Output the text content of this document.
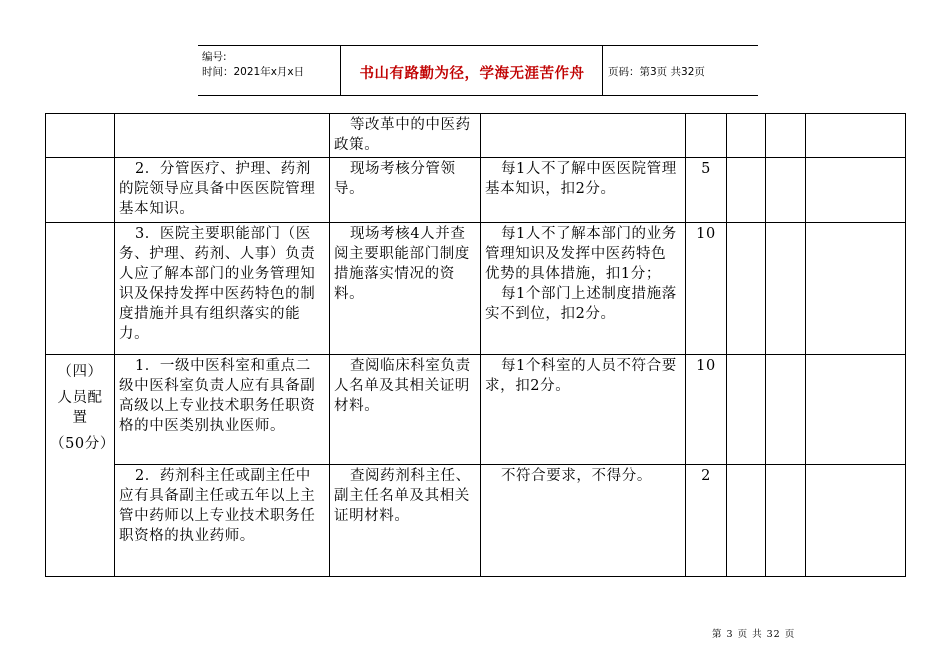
编号:
时间：2021年x月x日	书山有路勤为径，学海无涯苦作舟	页码：第3页 共32页
		等改革中的中医药政策。					
	2．分管医疗、护理、药剂的院领导应具备中医医院管理基本知识。	现场考核分管领导。	每1人不了解中医医院管理基本知识，扣2分。	5			
	3．医院主要职能部门（医务、护理、药剂、人事）负责人应了解本部门的业务管理知识及保持发挥中医药特色的制度措施并具有组织落实的能力。	现场考核4人并查阅主要职能部门制度措施落实情况的资料。	每1人不了解本部门的业务管理知识及发挥中医药特色优势的具体措施，扣1分；
每1个部门上述制度措施落实不到位，扣2分。	10			

（四）
人员配置
（50分）	1．一级中医科室和重点二级中医科室负责人应有具备副高级以上专业技术职务任职资格的中医类别执业医师。	查阅临床科室负责人名单及其相关证明材料。	每1个科室的人员不符合要求，扣2分。	10			
	2．药剂科主任或副主任中应有具备副主任或五年以上主管中药师以上专业技术职务任职资格的执业药师。	查阅药剂科主任、副主任名单及其相关证明材料。	不符合要求，不得分。	2			
第 3 页 共 32 页
